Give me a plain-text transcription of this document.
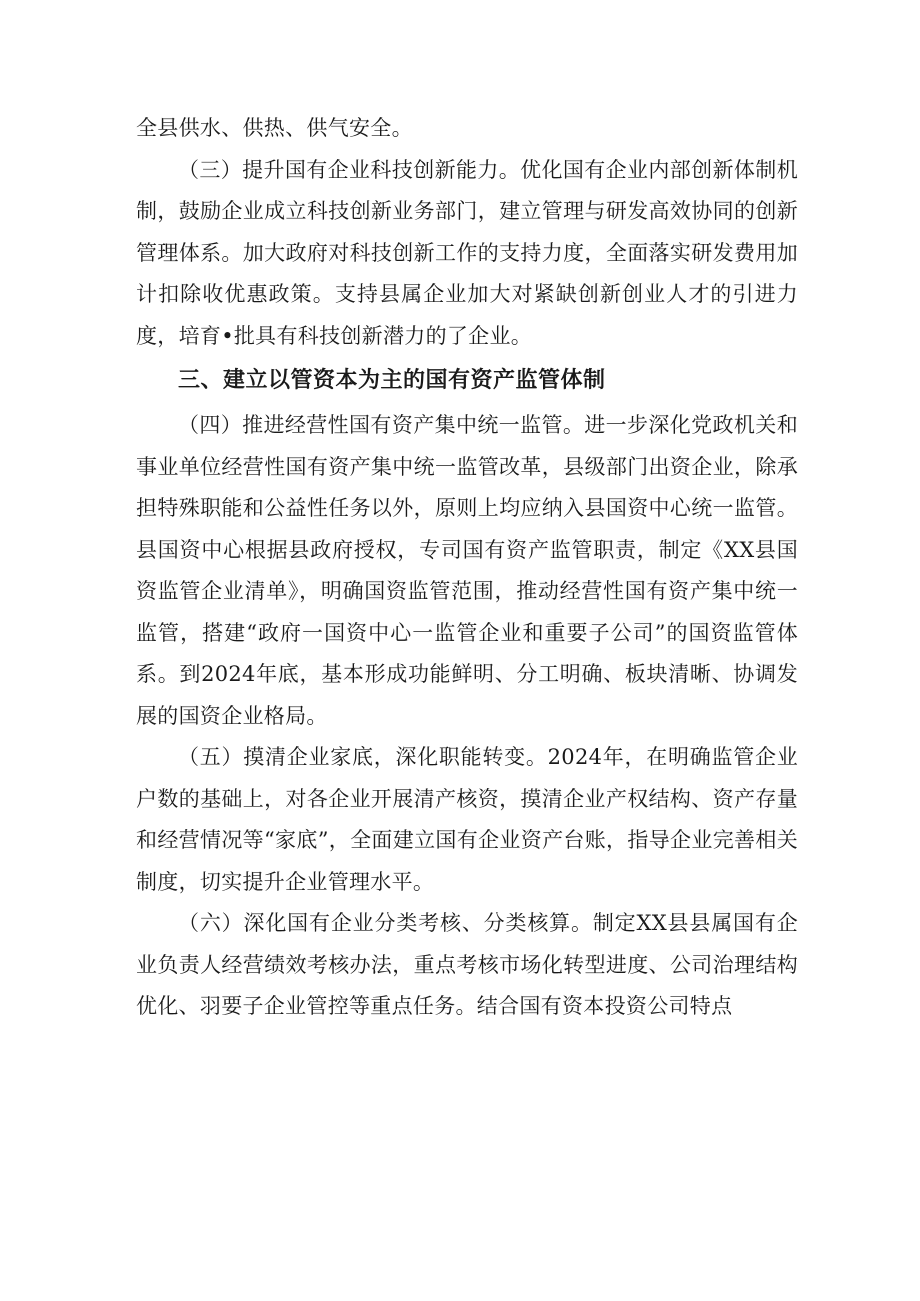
全县供水、供热、供气安全。

（三）提升国有企业科技创新能力。优化国有企业内部创新体制机制，鼓励企业成立科技创新业务部门，建立管理与研发高效协同的创新管理体系。加大政府对科技创新工作的支持力度，全面落实研发费用加计扣除收优惠政策。支持县属企业加大对紧缺创新创业人才的引进力度，培育•批具有科技创新潜力的了企业。

三、建立以管资本为主的国有资产监管体制

（四）推进经营性国有资产集中统一监管。进一步深化党政机关和事业单位经营性国有资产集中统一监管改革，县级部门出资企业，除承担特殊职能和公益性任务以外，原则上均应纳入县国资中心统一监管。县国资中心根据县政府授权，专司国有资产监管职责，制定《XX县国资监管企业清单》，明确国资监管范围，推动经营性国有资产集中统一监管，搭建“政府一国资中心一监管企业和重要子公司”的国资监管体系。到2024年底，基本形成功能鲜明、分工明确、板块清晰、协调发展的国资企业格局。

（五）摸清企业家底，深化职能转变。2024年，在明确监管企业户数的基础上，对各企业开展清产核资，摸清企业产权结构、资产存量和经营情况等“家底”，全面建立国有企业资产台账，指导企业完善相关制度，切实提升企业管理水平。

（六）深化国有企业分类考核、分类核算。制定XX县县属国有企业负责人经营绩效考核办法，重点考核市场化转型进度、公司治理结构优化、羽要子企业管控等重点任务。结合国有资本投资公司特点
